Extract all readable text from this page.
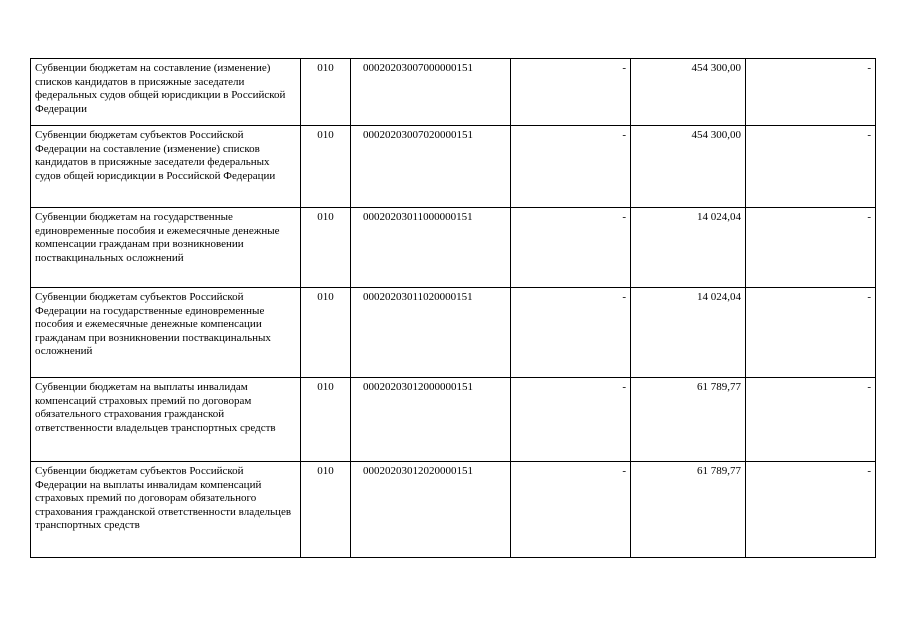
Субвенции бюджетам на составление (изменение) списков кандидатов в присяжные заседатели федеральных судов общей юрисдикции в Российской Федерации	010	00020203007000000151	-	454 300,00	-
Субвенции бюджетам субъектов Российской Федерации на составление (изменение) списков кандидатов в присяжные заседатели федеральных судов общей юрисдикции в Российской Федерации	010	00020203007020000151	-	454 300,00	-
Субвенции бюджетам на государственные единовременные пособия и ежемесячные денежные компенсации гражданам при возникновении поствакцинальных осложнений	010	00020203011000000151	-	14 024,04	-
Субвенции бюджетам субъектов Российской Федерации на государственные единовременные пособия и ежемесячные денежные компенсации гражданам при возникновении поствакцинальных осложнений	010	00020203011020000151	-	14 024,04	-
Субвенции бюджетам на выплаты инвалидам компенсаций страховых премий по договорам обязательного страхования гражданской ответственности владельцев транспортных средств	010	00020203012000000151	-	61 789,77	-
Субвенции бюджетам субъектов Российской Федерации на выплаты инвалидам компенсаций страховых премий по договорам обязательного страхования гражданской ответственности владельцев транспортных средств	010	00020203012020000151	-	61 789,77	-
